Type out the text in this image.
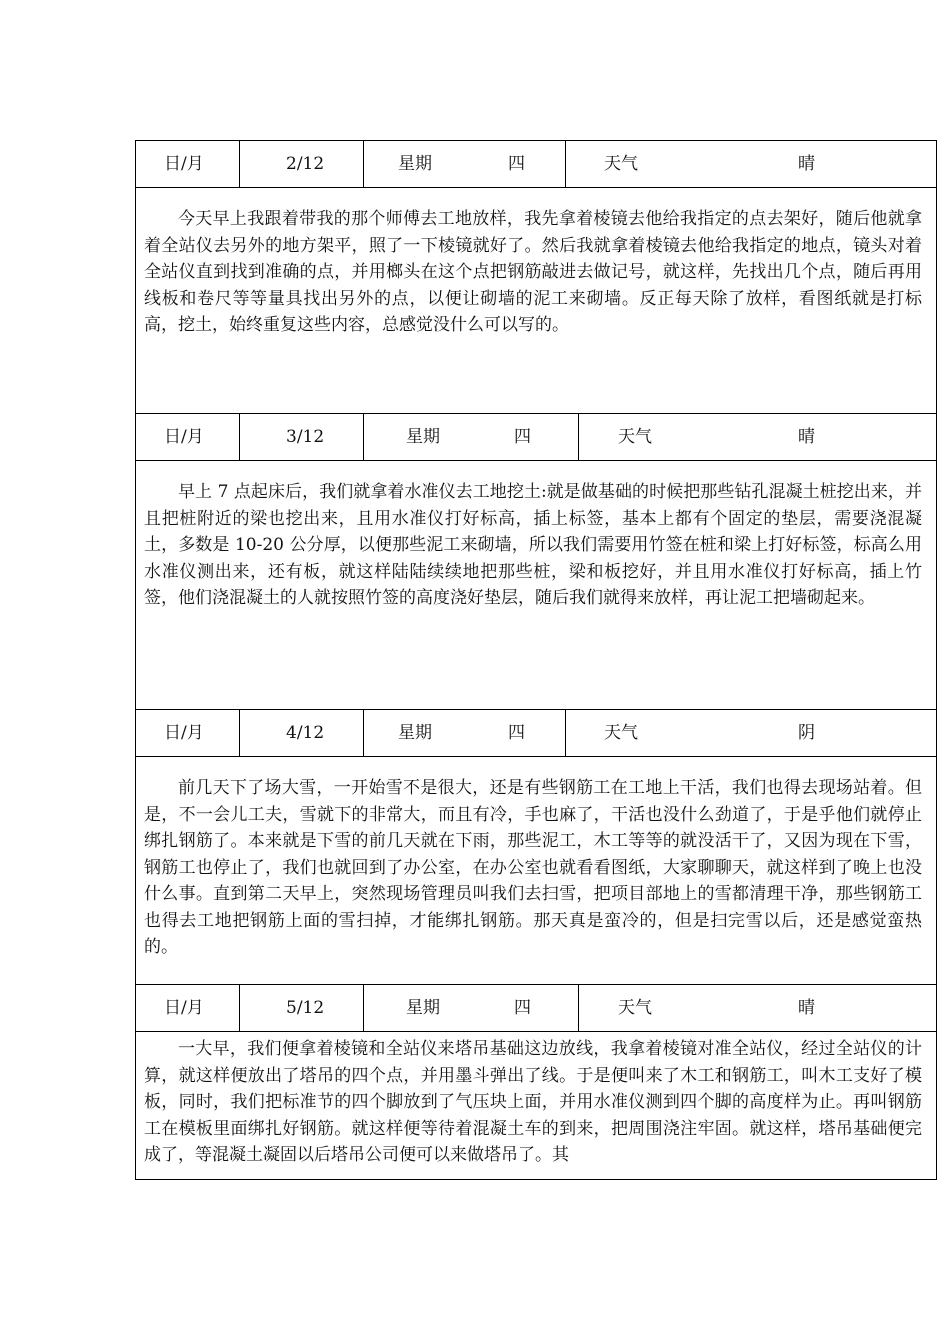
日/月	2/12	星期	四	天气	晴
今天早上我跟着带我的那个师傅去工地放样，我先拿着棱镜去他给我指定的点去架好，随后他就拿着全站仪去另外的地方架平，照了一下棱镜就好了。然后我就拿着棱镜去他给我指定的地点，镜头对着全站仪直到找到准确的点，并用榔头在这个点把钢筋敲进去做记号，就这样，先找出几个点，随后再用线板和卷尺等等量具找出另外的点，以便让砌墙的泥工来砌墙。反正每天除了放样，看图纸就是打标高，挖土，始终重复这些内容，总感觉没什么可以写的。
日/月	3/12	星期	四	天气	晴
早上 7 点起床后，我们就拿着水准仪去工地挖土:就是做基础的时候把那些钻孔混凝土桩挖出来，并且把桩附近的梁也挖出来，且用水准仪打好标高，插上标签，基本上都有个固定的垫层，需要浇混凝土，多数是 10-20 公分厚，以便那些泥工来砌墙，所以我们需要用竹签在桩和梁上打好标签，标高么用水准仪测出来，还有板，就这样陆陆续续地把那些桩，梁和板挖好，并且用水准仪打好标高，插上竹签，他们浇混凝土的人就按照竹签的高度浇好垫层，随后我们就得来放样，再让泥工把墙砌起来。
日/月	4/12	星期	四	天气	阴
前几天下了场大雪，一开始雪不是很大，还是有些钢筋工在工地上干活，我们也得去现场站着。但是，不一会儿工夫，雪就下的非常大，而且有冷，手也麻了，干活也没什么劲道了，于是乎他们就停止绑扎钢筋了。本来就是下雪的前几天就在下雨，那些泥工，木工等等的就没活干了，又因为现在下雪，钢筋工也停止了，我们也就回到了办公室，在办公室也就看看图纸，大家聊聊天，就这样到了晚上也没什么事。直到第二天早上，突然现场管理员叫我们去扫雪，把项目部地上的雪都清理干净，那些钢筋工也得去工地把钢筋上面的雪扫掉，才能绑扎钢筋。那天真是蛮冷的，但是扫完雪以后，还是感觉蛮热的。
日/月	5/12	星期	四	天气	晴
一大早，我们便拿着棱镜和全站仪来塔吊基础这边放线，我拿着棱镜对准全站仪，经过全站仪的计算，就这样便放出了塔吊的四个点，并用墨斗弹出了线。于是便叫来了木工和钢筋工，叫木工支好了模板，同时，我们把标准节的四个脚放到了气压块上面，并用水准仪测到四个脚的高度样为止。再叫钢筋工在模板里面绑扎好钢筋。就这样便等待着混凝土车的到来，把周围浇注牢固。就这样，塔吊基础便完成了，等混凝土凝固以后塔吊公司便可以来做塔吊了。其
